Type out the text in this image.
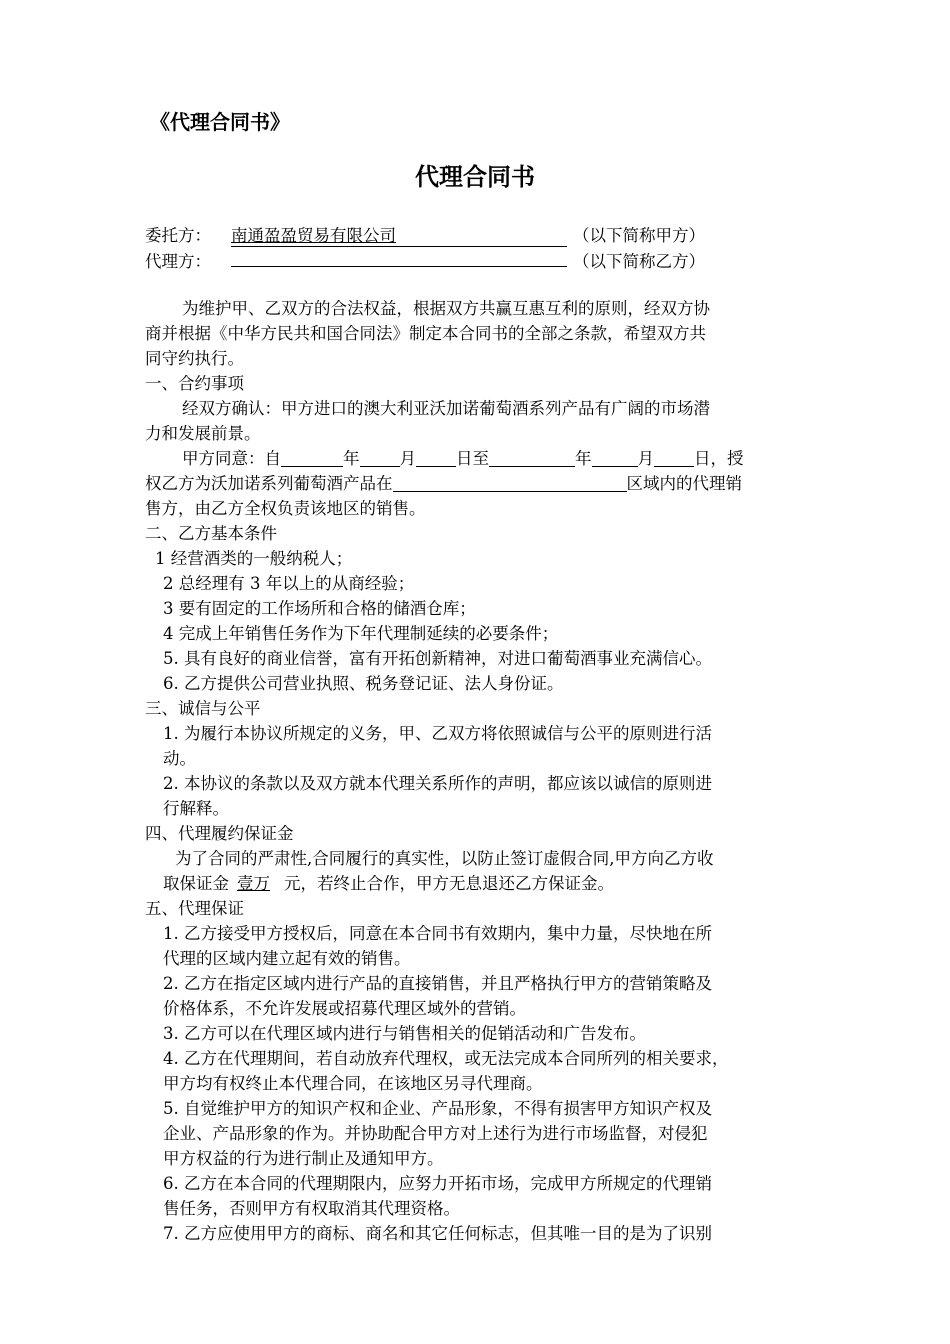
《代理合同书》
代理合同书
委托方： 南通盈盈贸易有限公司	（以下简称甲方）
代理方：	（以下简称乙方）

为维护甲、乙双方的合法权益，根据双方共赢互惠互利的原则，经双方协

商并根据《中华方民共和国合同法》制定本合同书的全部之条款，希望双方共

同守约执行。

一、合约事项

经双方确认：甲方进口的澳大利亚沃加诺葡萄酒系列产品有广阔的市场潜

力和发展前景。

甲方同意：自	年 月 日至	年	月 日，授

权乙方为沃加诺系列葡萄酒产品在	区域内的代理销

售方，由乙方全权负责该地区的销售。

二、乙方基本条件

1 经营酒类的一般纳税人；

2 总经理有 3 年以上的从商经验；

3 要有固定的工作场所和合格的储酒仓库；

4 完成上年销售任务作为下年代理制延续的必要条件；

5. 具有良好的商业信誉，富有开拓创新精神，对进口葡萄酒事业充满信心。

6. 乙方提供公司营业执照、税务登记证、法人身份证。

三、诚信与公平

1. 为履行本协议所规定的义务，甲、乙双方将依照诚信与公平的原则进行活

动。

2. 本协议的条款以及双方就本代理关系所作的声明，都应该以诚信的原则进

行解释。

四、代理履约保证金

为了合同的严肃性,合同履行的真实性，以防止签订虚假合同,甲方向乙方收

取保证金 壹万 元，若终止合作，甲方无息退还乙方保证金。

五、代理保证

1. 乙方接受甲方授权后，同意在本合同书有效期内，集中力量，尽快地在所

代理的区域内建立起有效的销售。

2. 乙方在指定区域内进行产品的直接销售，并且严格执行甲方的营销策略及

价格体系，不允许发展或招募代理区域外的营销。

3. 乙方可以在代理区域内进行与销售相关的促销活动和广告发布。

4. 乙方在代理期间，若自动放弃代理权，或无法完成本合同所列的相关要求，

甲方均有权终止本代理合同，在该地区另寻代理商。

5. 自觉维护甲方的知识产权和企业、产品形象，不得有损害甲方知识产权及

企业、产品形象的作为。并协助配合甲方对上述行为进行市场监督，对侵犯

甲方权益的行为进行制止及通知甲方。

6. 乙方在本合同的代理期限内，应努力开拓市场，完成甲方所规定的代理销

售任务，否则甲方有权取消其代理资格。

7. 乙方应使用甲方的商标、商名和其它任何标志，但其唯一目的是为了识别
